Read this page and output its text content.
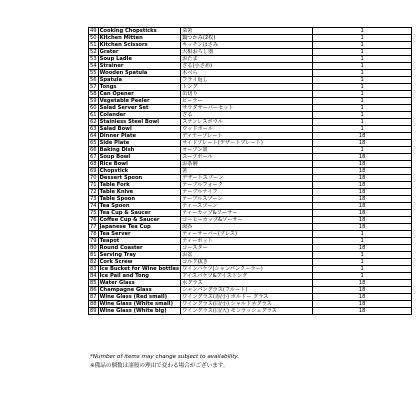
49	Cooking Chopsticks	菜箸	1
50	Kitchen Mitten	鍋つかみ(2枚)	1
51	Kitchen Scissors	キッチンはさみ	1
52	Grater	大根おろし器	1
53	Soup Ladle	おたま	1
54	Strainer	ざる(小さめ)	1
55	Wooden Spatula	木べら	1
56	Spatula	フライ返し	1
57	Tongs	トング	1
58	Can Opener	缶切り	1
59	Vegetable Peeler	ピーラー	1
60	Salad Server Set	サラダサーバーセット	1
61	Colander	ざる	1
62	Stainless Steel Bowl	ステンレスボウル	1
63	Salad Bowl	ウッドボール	1
64	Dinner Plate	ディナープレート	18
65	Side Plate	サイドプレート(デザートプレート)	18
66	Baking Dish	オーブン皿	1
67	Soup Bowl	スープボール	18
68	Rice Bowl	お茶碗	18
69	Chopstick	箸	18
70	Dessert Spoon	デザートスプーン	18
71	Table Fork	テーブルフォーク	18
72	Table Knive	テーブルナイフ	18
73	Table Spoon	テーブルスプーン	18
74	Tea Spoon	ティースプーン	18
75	Tea Cup & Saucer	ティーカップ&ソーサー	18
76	Coffee Cup & Saucer	コーヒーカップ&ソーサー	18
77	Japanese Tea Cup	湯呑	18
78	Tea Server	ティーサーバー(プレス)	1
79	Teapot	ティーポット	1
80	Round Coaster	コースター	18
81	Serving Tray	お盆	1
82	Cork Screw	コルク抜き	1
83	Ice Bucket for Wine bottles	ワインバケツ(シャンパンクーラー)	1
84	Ice Pail and Tong	アイスバケツ&アイストング	1
85	Water Glass	水グラス	18
86	Champagne Glass	シャンパングラス(フルート)	18
87	Wine Glass (Red small)	ワイングラス(赤/小) ボルドー グラス	18
88	Wine Glass (White small)	ワイングラス(白/小) シャルドネグラス	18
89	Wine Glass (White big)	ワイングラス(白/大) モンラッシェグラス	18
*Number of items may change subject to availability.
※備品の個数は諸般の理由で変わる場合がございます。
